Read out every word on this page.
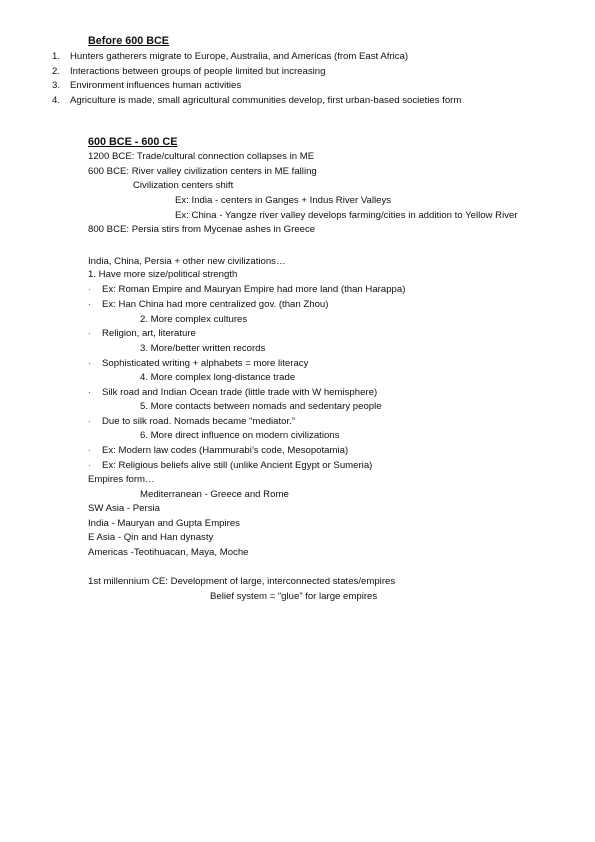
Before 600 BCE
1. Hunters gatherers migrate to Europe, Australia, and Americas (from East Africa)
2. Interactions between groups of people limited but increasing
3. Environment influences human activities
4. Agriculture is made, small agricultural communities develop, first urban-based societies form
600 BCE - 600 CE
1200 BCE: Trade/cultural connection collapses in ME
600 BCE: River valley civilization centers in ME falling
Civilization centers shift
Ex: India - centers in Ganges + Indus River Valleys
Ex: China - Yangze river valley develops farming/cities in addition to Yellow River
800 BCE: Persia stirs from Mycenae ashes in Greece
India, China, Persia + other new civilizations…
1. Have more size/political strength
· Ex: Roman Empire and Mauryan Empire had more land (than Harappa)
· Ex: Han China had more centralized gov. (than Zhou)
2. More complex cultures
· Religion, art, literature
3. More/better written records
· Sophisticated writing + alphabets = more literacy
4. More complex long-distance trade
· Silk road and Indian Ocean trade (little trade with W hemisphere)
5. More contacts between nomads and sedentary people
· Due to silk road. Nomads became “mediator.”
6. More direct influence on modern civilizations
· Ex: Modern law codes (Hammurabi’s code, Mesopotamia)
· Ex: Religious beliefs alive still (unlike Ancient Egypt or Sumeria)
Empires form…
Mediterranean - Greece and Rome
SW Asia - Persia
India - Mauryan and Gupta Empires
E Asia - Qin and Han dynasty
Americas -Teotihuacan, Maya, Moche
1st millennium CE: Development of large, interconnected states/empires
Belief system = “glue” for large empires
